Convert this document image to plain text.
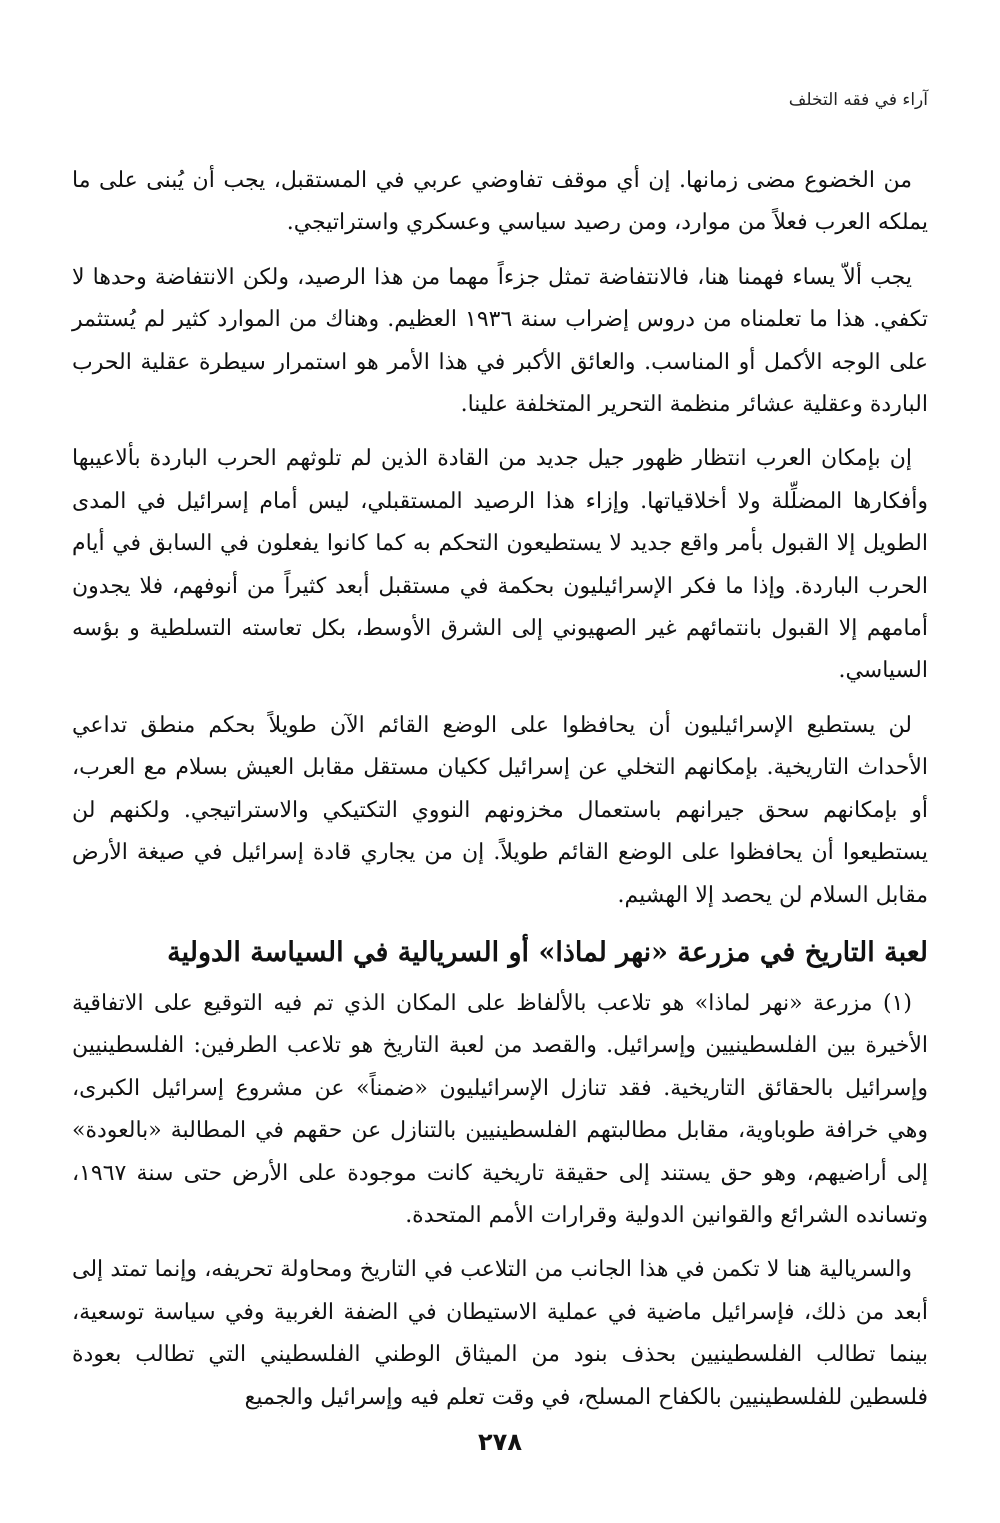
آراء في فقه التخلف

من الخضوع مضى زمانها. إن أي موقف تفاوضي عربي في المستقبل، يجب أن يُبنى على ما يملكه العرب فعلاً من موارد، ومن رصيد سياسي وعسكري واستراتيجي.

يجب ألاّ يساء فهمنا هنا، فالانتفاضة تمثل جزءاً مهما من هذا الرصيد، ولكن الانتفاضة وحدها لا تكفي. هذا ما تعلمناه من دروس إضراب سنة ١٩٣٦ العظيم. وهناك من الموارد كثير لم يُستثمر على الوجه الأكمل أو المناسب. والعائق الأكبر في هذا الأمر هو استمرار سيطرة عقلية الحرب الباردة وعقلية عشائر منظمة التحرير المتخلفة علينا.

إن بإمكان العرب انتظار ظهور جيل جديد من القادة الذين لم تلوثهم الحرب الباردة بألاعيبها وأفكارها المضلِّلة ولا أخلاقياتها. وإزاء هذا الرصيد المستقبلي، ليس أمام إسرائيل في المدى الطويل إلا القبول بأمر واقع جديد لا يستطيعون التحكم به كما كانوا يفعلون في السابق في أيام الحرب الباردة. وإذا ما فكر الإسرائيليون بحكمة في مستقبل أبعد كثيراً من أنوفهم، فلا يجدون أمامهم إلا القبول بانتمائهم غير الصهيوني إلى الشرق الأوسط، بكل تعاسته التسلطية و بؤسه السياسي.

لن يستطيع الإسرائيليون أن يحافظوا على الوضع القائم الآن طويلاً بحكم منطق تداعي الأحداث التاريخية. بإمكانهم التخلي عن إسرائيل ككيان مستقل مقابل العيش بسلام مع العرب، أو بإمكانهم سحق جيرانهم باستعمال مخزونهم النووي التكتيكي والاستراتيجي. ولكنهم لن يستطيعوا أن يحافظوا على الوضع القائم طويلاً. إن من يجاري قادة إسرائيل في صيغة الأرض مقابل السلام لن يحصد إلا الهشيم.

لعبة التاريخ في مزرعة «نهر لماذا» أو السريالية في السياسة الدولية

(١) مزرعة «نهر لماذا» هو تلاعب بالألفاظ على المكان الذي تم فيه التوقيع على الاتفاقية الأخيرة بين الفلسطينيين وإسرائيل. والقصد من لعبة التاريخ هو تلاعب الطرفين: الفلسطينيين وإسرائيل بالحقائق التاريخية. فقد تنازل الإسرائيليون «ضمناً» عن مشروع إسرائيل الكبرى، وهي خرافة طوباوية، مقابل مطالبتهم الفلسطينيين بالتنازل عن حقهم في المطالبة «بالعودة» إلى أراضيهم، وهو حق يستند إلى حقيقة تاريخية كانت موجودة على الأرض حتى سنة ١٩٦٧، وتسانده الشرائع والقوانين الدولية وقرارات الأمم المتحدة.

والسريالية هنا لا تكمن في هذا الجانب من التلاعب في التاريخ ومحاولة تحريفه، وإنما تمتد إلى أبعد من ذلك، فإسرائيل ماضية في عملية الاستيطان في الضفة الغربية وفي سياسة توسعية، بينما تطالب الفلسطينيين بحذف بنود من الميثاق الوطني الفلسطيني التي تطالب بعودة فلسطين للفلسطينيين بالكفاح المسلح، في وقت تعلم فيه وإسرائيل والجميع

٢٧٨
